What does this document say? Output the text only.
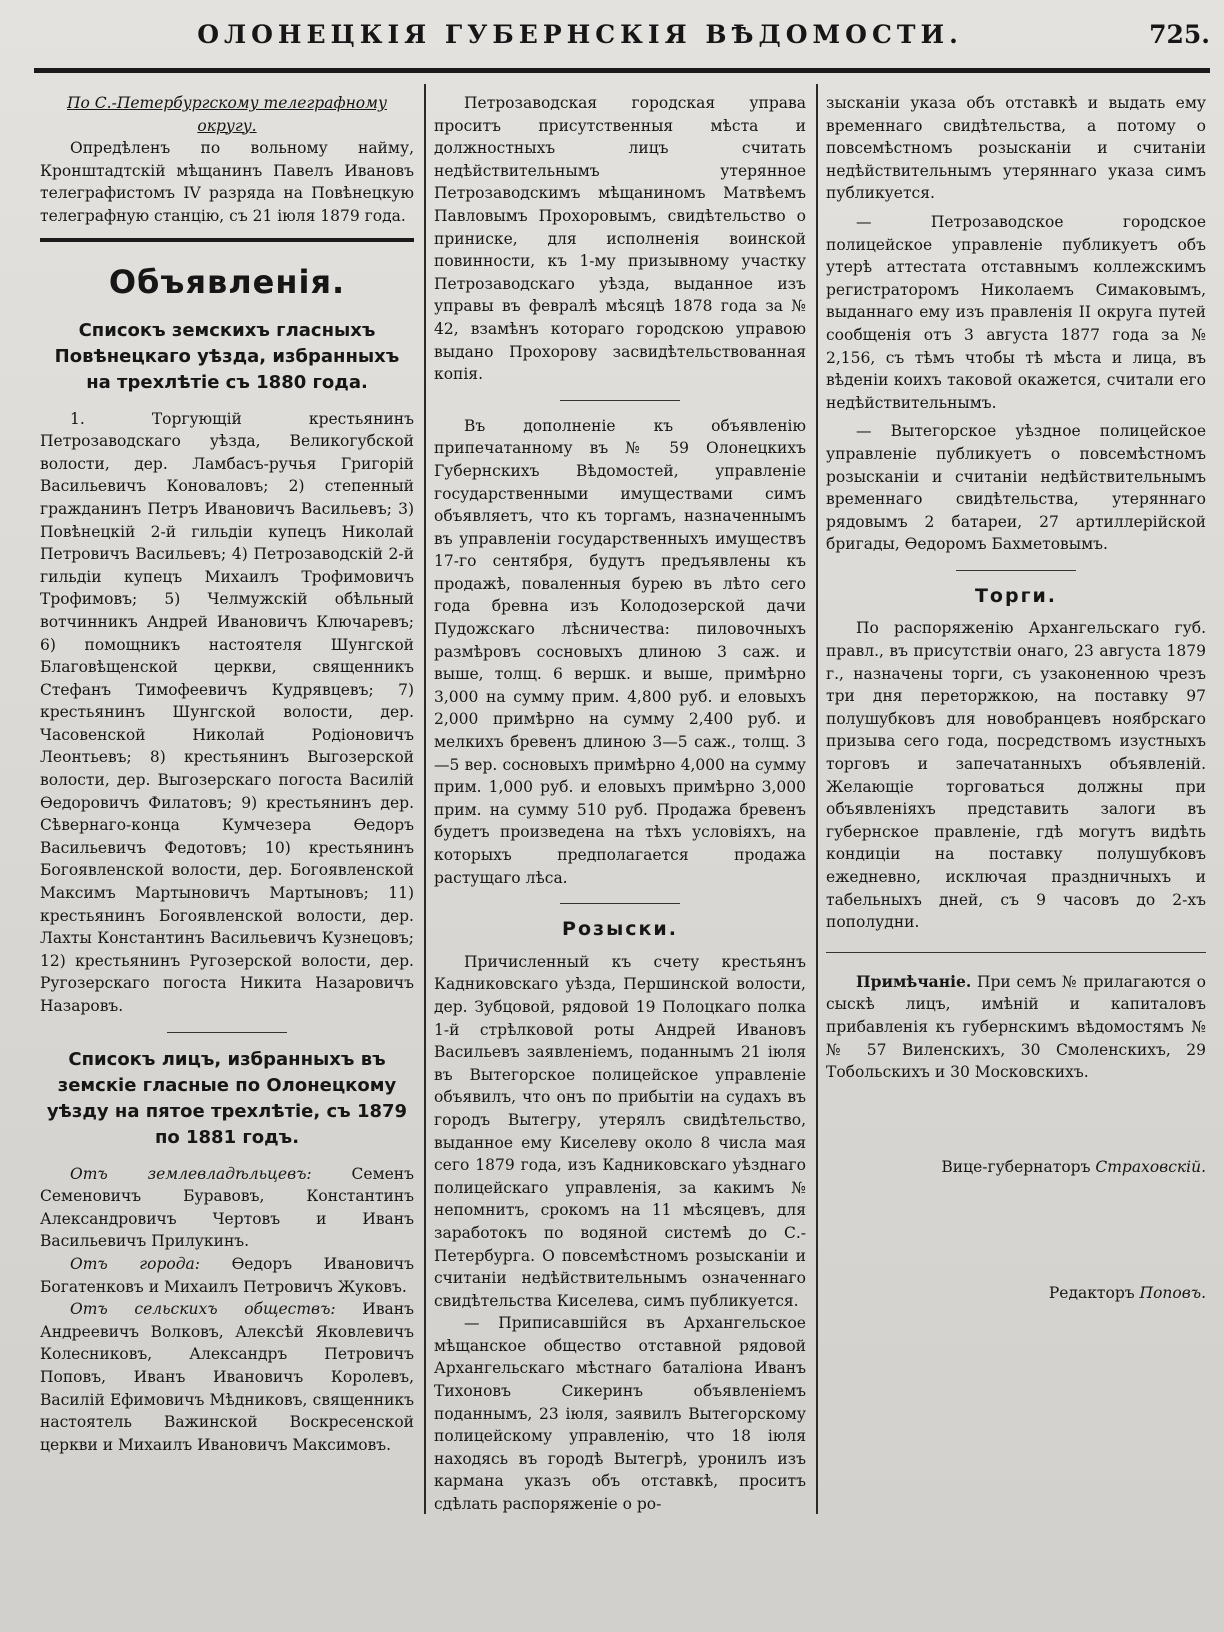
ОЛОНЕЦКІЯ ГУБЕРНСКІЯ ВѢДОМОСТИ.	725.

По С.-Петербургскому телеграфному округу.

Опредѣленъ по вольному найму, Кронштадтскій мѣщанинъ Павелъ Ивановъ телеграфистомъ IV разряда на Повѣнецкую телеграфную станцію, съ 21 іюля 1879 года.

Объявленія.
Списокъ земскихъ гласныхъ Повѣнецкаго уѣзда, избранныхъ на трехлѣтіе съ 1880 года.

1. Торгующій крестьянинъ Петрозаводскаго уѣзда, Великогубской волости, дер. Ламбасъ-ручья Григорій Васильевичъ Коноваловъ; 2) степенный гражданинъ Петръ Ивановичъ Васильевъ; 3) Повѣнецкій 2-й гильдіи купецъ Николай Петровичъ Васильевъ; 4) Петрозаводскій 2-й гильдіи купецъ Михаилъ Трофимовичъ Трофимовъ; 5) Челмужскій обѣльный вотчинникъ Андрей Ивановичъ Ключаревъ; 6) помощникъ настоятеля Шунгской Благовѣщенской церкви, священникъ Стефанъ Тимофеевичъ Кудрявцевъ; 7) крестьянинъ Шунгской волости, дер. Часовенской Николай Родіоновичъ Леонтьевъ; 8) крестьянинъ Выгозерской волости, дер. Выгозерскаго погоста Василій Ѳедоровичъ Филатовъ; 9) крестьянинъ дер. Сѣвернаго-конца Кумчезера Ѳедоръ Васильевичъ Федотовъ; 10) крестьянинъ Богоявленской волости, дер. Богоявленской Максимъ Мартыновичъ Мартыновъ; 11) крестьянинъ Богоявленской волости, дер. Лахты Константинъ Васильевичъ Кузнецовъ; 12) крестьянинъ Ругозерской волости, дер. Ругозерскаго погоста Никита Назаровичъ Назаровъ.

Списокъ лицъ, избранныхъ въ земскіе гласные по Олонецкому уѣзду на пятое трехлѣтіе, съ 1879 по 1881 годъ.

Отъ землевладѣльцевъ:	Семенъ Семеновичъ Буравовъ, Константинъ Александровичъ Чертовъ и Иванъ Васильевичъ Прилукинъ.

Отъ города: Ѳедоръ Ивановичъ Богатенковъ и Михаилъ Петровичъ Жуковъ.

Отъ сельскихъ обществъ: Иванъ Андреевичъ Волковъ, Алексѣй Яковлевичъ Колесниковъ, Александръ Петровичъ Поповъ, Иванъ Ивановичъ Королевъ, Василій Ефимовичъ Мѣдниковъ, священникъ настоятель Важинской Воскресенской церкви и Михаилъ Ивановичъ Максимовъ.

Петрозаводская городская управа проситъ присутственныя мѣста и должностныхъ лицъ считать недѣйствительнымъ утерянное Петрозаводскимъ мѣщаниномъ Матвѣемъ Павловымъ Прохоровымъ, свидѣтельство о приниске, для исполненія воинской повинности, къ 1-му призывному участку Петрозаводскаго уѣзда, выданное изъ управы въ февралѣ мѣсяцѣ 1878 года за № 42, взамѣнъ котораго городскою управою выдано Прохорову засвидѣтельствованная копія.

Въ дополненіе къ объявленію припечатанному въ № 59 Олонецкихъ Губернскихъ Вѣдомостей, управленіе государственными имуществами симъ объявляетъ, что къ торгамъ, назначеннымъ въ управленіи государственныхъ имуществъ 17-го сентября, будутъ предъявлены къ продажѣ, поваленныя бурею въ лѣто сего года бревна изъ Колодозерской дачи Пудожскаго лѣсничества: пиловочныхъ размѣровъ сосновыхъ длиною 3 саж. и выше, толщ. 6 вершк. и выше, примѣрно 3,000 на сумму прим. 4,800 руб. и еловыхъ 2,000 примѣрно на сумму 2,400 руб. и мелкихъ бревенъ длиною 3—5 саж., толщ. 3—5 вер. сосновыхъ примѣрно 4,000 на сумму прим. 1,000 руб. и еловыхъ примѣрно 3,000 прим. на сумму 510 руб. Продажа бревенъ будетъ произведена на тѣхъ условіяхъ, на которыхъ предполагается продажа растущаго лѣса.

Розыски.

Причисленный къ счету крестьянъ Кадниковскаго уѣзда, Першинской волости, дер. Зубцовой, рядовой 19 Полоцкаго полка 1-й стрѣлковой роты Андрей Ивановъ Васильевъ заявленіемъ, поданнымъ 21 іюля въ Вытегорское полицейское управленіе объявилъ, что онъ по прибытіи на судахъ въ городъ Вытегру, утерялъ свидѣтельство, выданное ему Киселеву около 8 числа мая сего 1879 года, изъ Кадниковскаго уѣзднаго полицейскаго управленія, за какимъ № непомнитъ, срокомъ на 11 мѣсяцевъ, для заработокъ по водяной системѣ до С.-Петербурга. О повсемѣстномъ розысканіи и считаніи недѣйствительнымъ означеннаго свидѣтельства Киселева, симъ публикуется.

— Приписавшійся въ Архангельское мѣщанское общество отставной рядовой Архангельскаго мѣстнаго баталіона Иванъ Тихоновъ Сикеринъ объявленіемъ поданнымъ, 23 іюля, заявилъ Вытегорскому полицейскому управленію, что 18 іюля находясь въ городѣ Вытегрѣ, уронилъ изъ кармана указъ объ отставкѣ, проситъ сдѣлать распоряженіе о ро-

зысканіи указа объ отставкѣ и выдать ему временнаго свидѣтельства, а потому о повсемѣстномъ розысканіи и считаніи недѣйствительнымъ утеряннаго указа симъ публикуется.

— Петрозаводское городское полицейское управленіе публикуетъ объ утерѣ аттестата отставнымъ коллежскимъ регистраторомъ Николаемъ Симаковымъ, выданнаго ему изъ правленія II округа путей сообщенія отъ 3 августа 1877 года за № 2,156, съ тѣмъ чтобы тѣ мѣста и лица, въ вѣденіи коихъ таковой окажется, считали его недѣйствительнымъ.

— Вытегорское уѣздное полицейское управленіе публикуетъ о повсемѣстномъ розысканіи и считаніи недѣйствительнымъ временнаго свидѣтельства, утеряннаго рядовымъ 2 батареи, 27 артиллерійской бригады, Ѳедоромъ Бахметовымъ.

Торги.

По распоряженію Архангельскаго губ. правл., въ присутствіи онаго, 23 августа 1879 г., назначены торги, съ узаконенною чрезъ три дня переторжкою, на поставку 97 полушубковъ для новобранцевъ ноябрскаго призыва сего года, посредствомъ изустныхъ торговъ и запечатанныхъ объявленій. Желающіе торговаться должны при объявленіяхъ представить залоги въ губернское правленіе, гдѣ могутъ видѣть кондиціи на поставку полушубковъ ежедневно, исключая праздничныхъ и табельныхъ дней, съ 9 часовъ до 2-хъ пополудни.

Примѣчаніе. При семъ № прилагаются о сыскѣ лицъ, имѣній и капиталовъ прибавленія къ губернскимъ вѣдомостямъ №№ 57 Виленскихъ, 30 Смоленскихъ, 29 Тобольскихъ и 30 Московскихъ.

Вице-губернаторъ Страховскій.

Редакторъ Поповъ.
